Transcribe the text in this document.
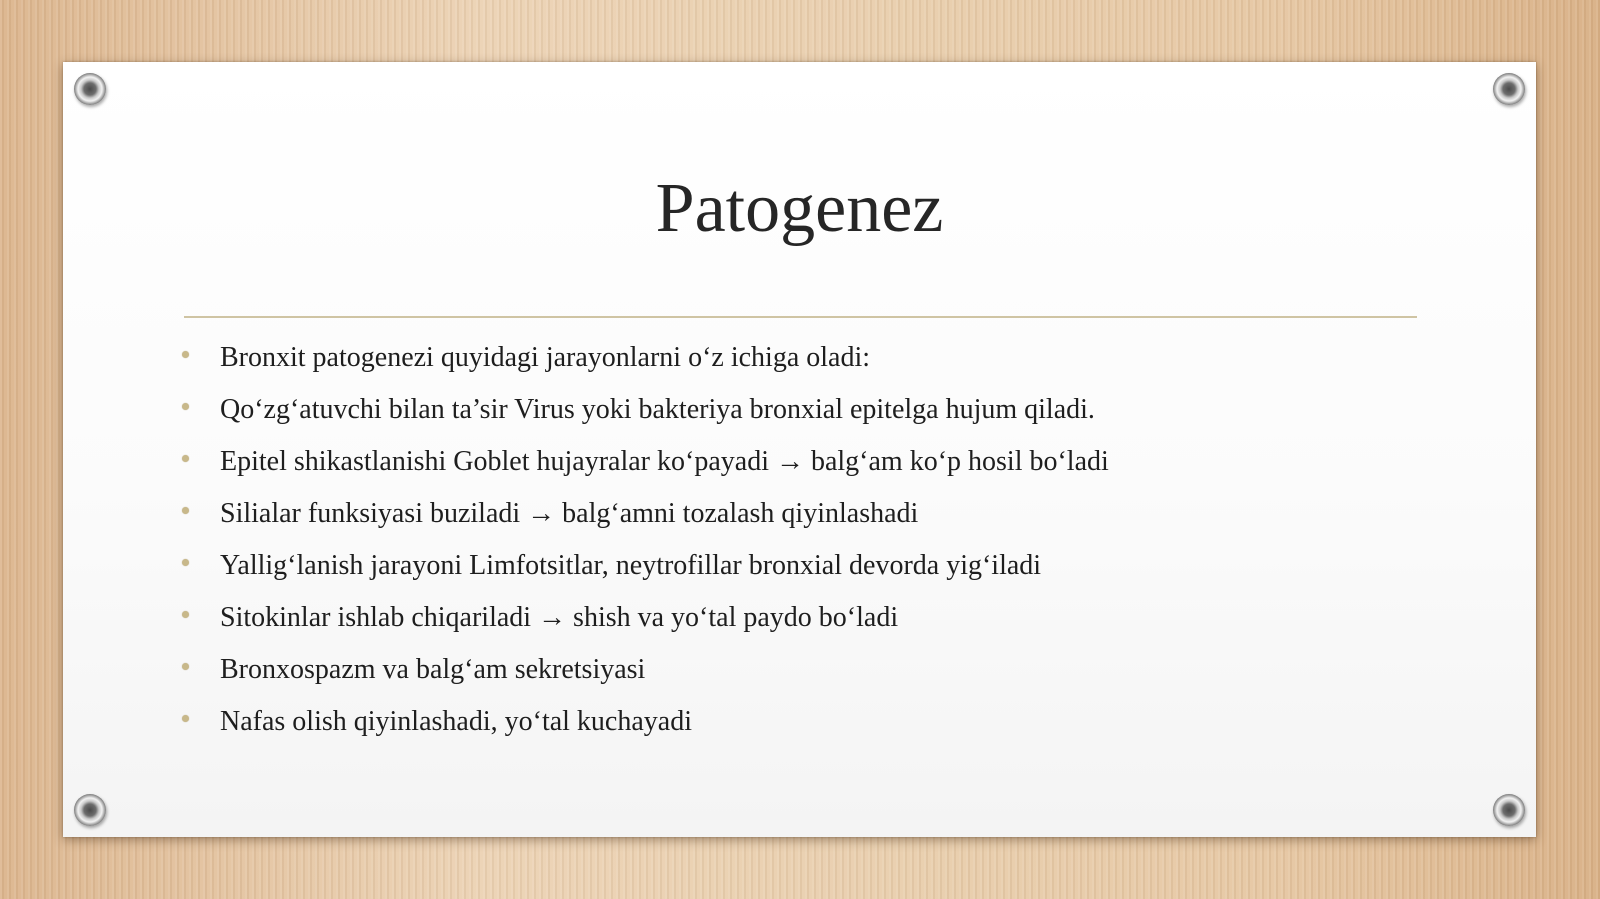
Patogenez
Bronxit patogenezi quyidagi jarayonlarni o‘z ichiga oladi:
Qo‘zg‘atuvchi bilan ta’sir Virus yoki bakteriya bronxial epitelga hujum qiladi.
Epitel shikastlanishi Goblet hujayralar ko‘payadi → balg‘am ko‘p hosil bo‘ladi
Silialar funksiyasi buziladi → balg‘amni tozalash qiyinlashadi
Yallig‘lanish jarayoni Limfotsitlar, neytrofillar bronxial devorda yig‘iladi
Sitokinlar ishlab chiqariladi → shish va yo‘tal paydo bo‘ladi
Bronxospazm va balg‘am sekretsiyasi
Nafas olish qiyinlashadi, yo‘tal kuchayadi
